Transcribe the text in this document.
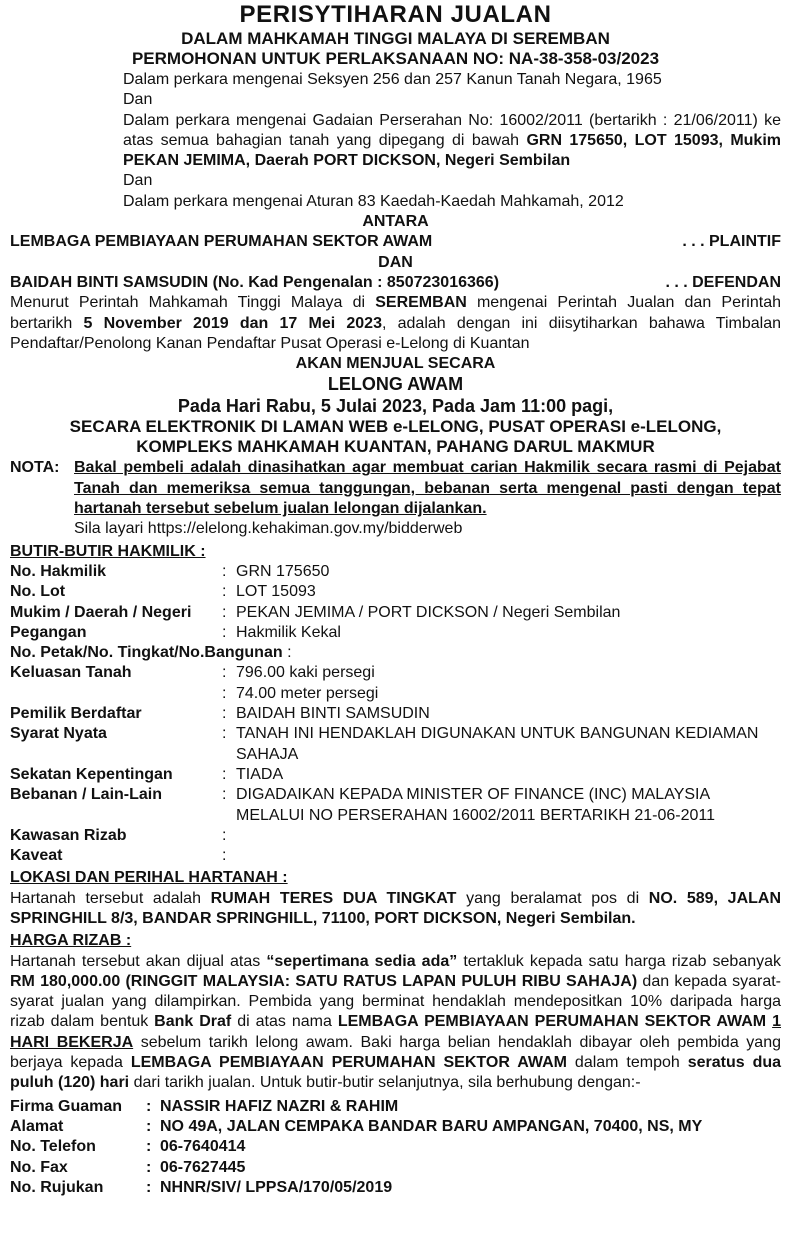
PERISYTIHARAN JUALAN
DALAM MAHKAMAH TINGGI MALAYA DI SEREMBAN
PERMOHONAN UNTUK PERLAKSANAAN NO: NA-38-358-03/2023
Dalam perkara mengenai Seksyen 256 dan 257 Kanun Tanah Negara, 1965
Dan
Dalam perkara mengenai Gadaian Perserahan No: 16002/2011 (bertarikh : 21/06/2011) ke atas semua bahagian tanah yang dipegang di bawah GRN 175650, LOT 15093, Mukim PEKAN JEMIMA, Daerah PORT DICKSON, Negeri Sembilan
Dan
Dalam perkara mengenai Aturan 83 Kaedah-Kaedah Mahkamah, 2012
ANTARA
LEMBAGA PEMBIAYAAN PERUMAHAN SEKTOR AWAM	. . . PLAINTIF
DAN
BAIDAH BINTI SAMSUDIN (No. Kad Pengenalan : 850723016366)	. . . DEFENDAN
Menurut Perintah Mahkamah Tinggi Malaya di SEREMBAN mengenai Perintah Jualan dan Perintah bertarikh 5 November 2019 dan 17 Mei 2023, adalah dengan ini diisytiharkan bahawa Timbalan Pendaftar/Penolong Kanan Pendaftar Pusat Operasi e-Lelong di Kuantan
AKAN MENJUAL SECARA
LELONG AWAM
Pada Hari Rabu, 5 Julai 2023, Pada Jam 11:00 pagi,
SECARA ELEKTRONIK DI LAMAN WEB e-LELONG, PUSAT OPERASI e-LELONG,
KOMPLEKS MAHKAMAH KUANTAN, PAHANG DARUL MAKMUR
NOTA: Bakal pembeli adalah dinasihatkan agar membuat carian Hakmilik secara rasmi di Pejabat Tanah dan memeriksa semua tanggungan, bebanan serta mengenal pasti dengan tepat hartanah tersebut sebelum jualan lelongan dijalankan.
Sila layari https://elelong.kehakiman.gov.my/bidderweb
BUTIR-BUTIR HAKMILIK :
No. Hakmilik	:	GRN 175650
No. Lot	:	LOT 15093
Mukim / Daerah / Negeri	:	PEKAN JEMIMA / PORT DICKSON / Negeri Sembilan
Pegangan	:	Hakmilik Kekal
No. Petak/No. Tingkat/No.Bangunan :
Keluasan Tanah	:	796.00 kaki persegi
	:	74.00 meter persegi
Pemilik Berdaftar	:	BAIDAH BINTI SAMSUDIN
Syarat Nyata	:	TANAH INI HENDAKLAH DIGUNAKAN UNTUK BANGUNAN KEDIAMAN SAHAJA
Sekatan Kepentingan	:	TIADA
Bebanan / Lain-Lain	:	DIGADAIKAN KEPADA MINISTER OF FINANCE (INC) MALAYSIA MELALUI NO PERSERAHAN 16002/2011 BERTARIKH 21-06-2011
Kawasan Rizab	:	
Kaveat	:	
LOKASI DAN PERIHAL HARTANAH :
Hartanah tersebut adalah RUMAH TERES DUA TINGKAT yang beralamat pos di NO. 589, JALAN SPRINGHILL 8/3, BANDAR SPRINGHILL, 71100, PORT DICKSON, Negeri Sembilan.
HARGA RIZAB :
Hartanah tersebut akan dijual atas “sepertimana sedia ada” tertakluk kepada satu harga rizab sebanyak RM 180,000.00 (RINGGIT MALAYSIA: SATU RATUS LAPAN PULUH RIBU SAHAJA) dan kepada syarat-syarat jualan yang dilampirkan. Pembida yang berminat hendaklah mendepositkan 10% daripada harga rizab dalam bentuk Bank Draf di atas nama LEMBAGA PEMBIAYAAN PERUMAHAN SEKTOR AWAM 1 HARI BEKERJA sebelum tarikh lelong awam. Baki harga belian hendaklah dibayar oleh pembida yang berjaya kepada LEMBAGA PEMBIAYAAN PERUMAHAN SEKTOR AWAM dalam tempoh seratus dua puluh (120) hari dari tarikh jualan. Untuk butir-butir selanjutnya, sila berhubung dengan:-
Firma Guaman	:	NASSIR HAFIZ NAZRI & RAHIM
Alamat	:	NO 49A, JALAN CEMPAKA BANDAR BARU AMPANGAN, 70400, NS, MY
No. Telefon	:	06-7640414
No. Fax	:	06-7627445
No. Rujukan	:	NHNR/SIV/ LPPSA/170/05/2019
